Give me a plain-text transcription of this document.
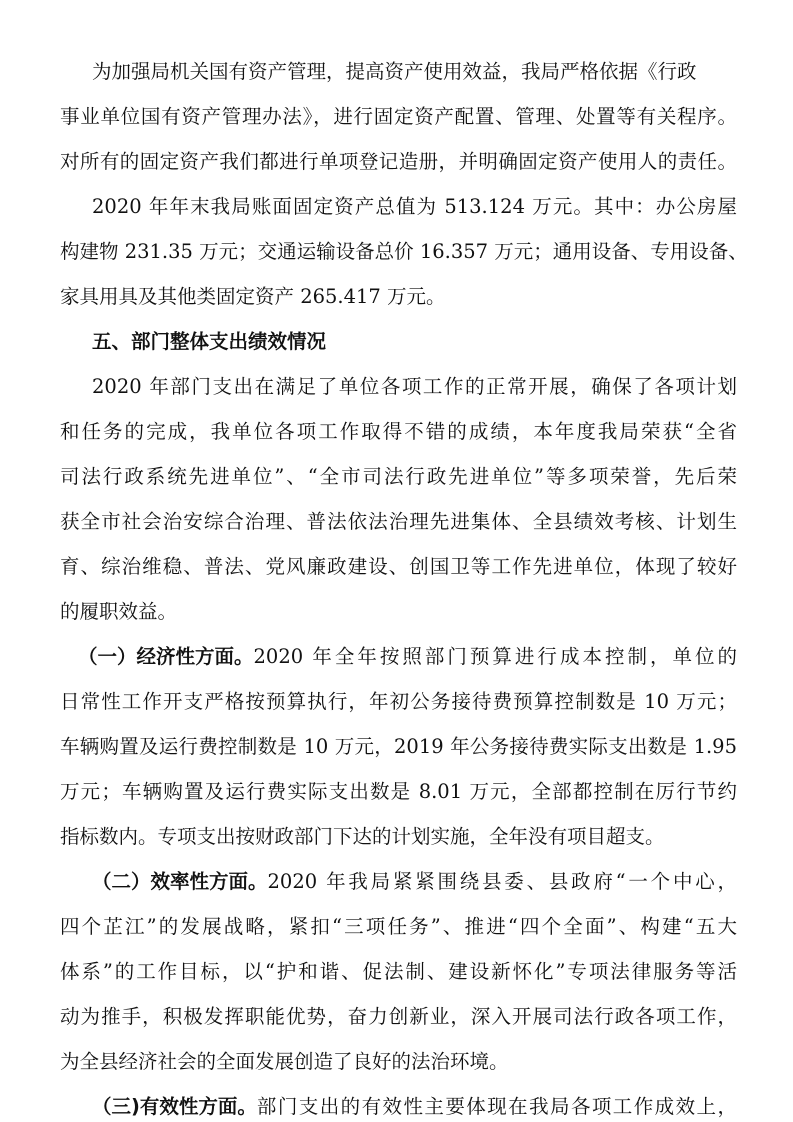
为加强局机关国有资产管理，提高资产使用效益，我局严格依据《行政
事业单位国有资产管理办法》，进行固定资产配置、管理、处置等有关程序。
对所有的固定资产我们都进行单项登记造册，并明确固定资产使用人的责任。
2020 年年末我局账面固定资产总值为 513.124 万元。其中：办公房屋
构建物 231.35 万元；交通运输设备总价 16.357 万元；通用设备、专用设备、
家具用具及其他类固定资产 265.417 万元。
五、部门整体支出绩效情况
2020 年部门支出在满足了单位各项工作的正常开展，确保了各项计划
和任务的完成，我单位各项工作取得不错的成绩，本年度我局荣获“全省
司法行政系统先进单位”、“全市司法行政先进单位”等多项荣誉，先后荣
获全市社会治安综合治理、普法依法治理先进集体、全县绩效考核、计划生
育、综治维稳、普法、党风廉政建设、创国卫等工作先进单位，体现了较好
的履职效益。
（一）经济性方面。 2020 年全年按照部门预算进行成本控制，单位的
日常性工作开支严格按预算执行，年初公务接待费预算控制数是 10 万元；
车辆购置及运行费控制数是 10 万元，2019 年公务接待费实际支出数是 1.95
万元；车辆购置及运行费实际支出数是 8.01 万元，全部都控制在厉行节约
指标数内。专项支出按财政部门下达的计划实施，全年没有项目超支。
（二）效率性方面。 2020 年我局紧紧围绕县委、县政府“一个中心，
四个芷江”的发展战略，紧扣“三项任务”、推进“四个全面”、构建“五大
体系”的工作目标，以“护和谐、促法制、建设新怀化”专项法律服务等活
动为推手，积极发挥职能优势，奋力创新业，深入开展司法行政各项工作，
为全县经济社会的全面发展创造了良好的法治环境。
（三)有效性方面。 部门支出的有效性主要体现在我局各项工作成效上，
